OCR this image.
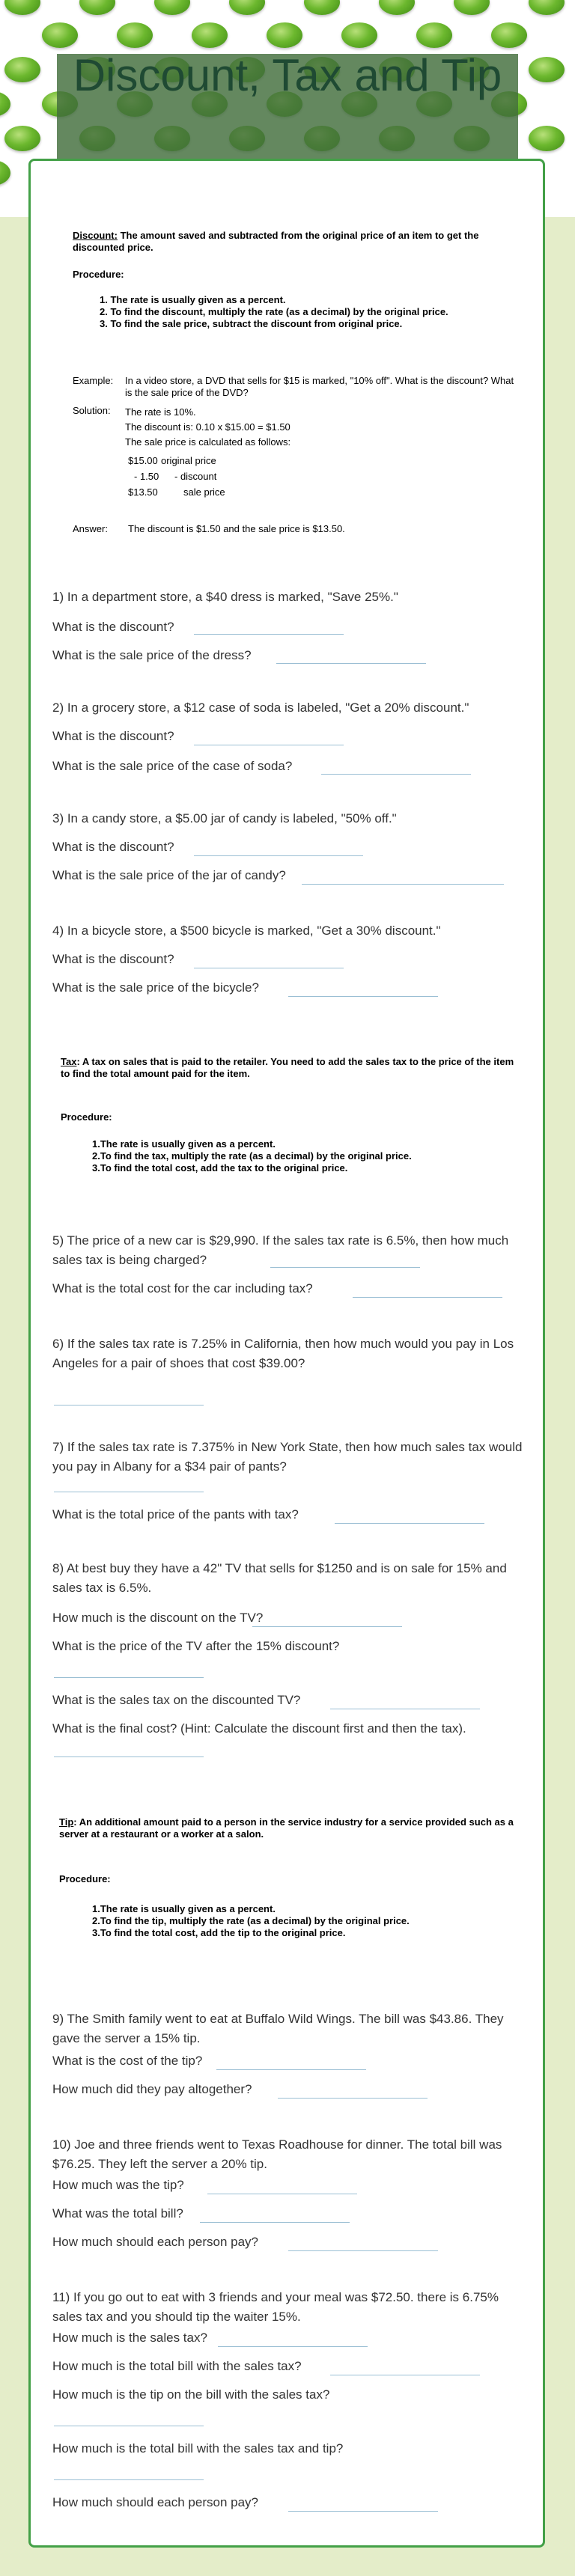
Discount, Tax and Tip
Discount: The amount saved and subtracted from the original price of an item to get the discounted price.
Procedure:
1. The rate is usually given as a percent.
2. To find the discount, multiply the rate (as a decimal) by the original price.
3. To find the sale price, subtract the discount from original price.
Example: In a video store, a DVD that sells for $15 is marked, "10% off". What is the discount? What is the sale price of the DVD?
Solution: The rate is 10%.
The discount is: 0.10 x $15.00 = $1.50
The sale price is calculated as follows:
$15.00 original price
- 1.50 - discount
$13.50	sale price
Answer: The discount is $1.50 and the sale price is $13.50.
1) In a department store, a $40 dress is marked, "Save 25%."
What is the discount?
What is the sale price of the dress?
2) In a grocery store, a $12 case of soda is labeled, "Get a 20% discount."
What is the discount?
What is the sale price of the case of soda?
3) In a candy store, a $5.00 jar of candy is labeled, "50% off."
What is the discount?
What is the sale price of the jar of candy?
4) In a bicycle store, a $500 bicycle is marked, "Get a 30% discount."
What is the discount?
What is the sale price of the bicycle?
Tax: A tax on sales that is paid to the retailer. You need to add the sales tax to the price of the item to find the total amount paid for the item.
Procedure:
1.The rate is usually given as a percent.
2.To find the tax, multiply the rate (as a decimal) by the original price.
3.To find the total cost, add the tax to the original price.
5) The price of a new car is $29,990. If the sales tax rate is 6.5%, then how much sales tax is being charged?
What is the total cost for the car including tax?
6) If the sales tax rate is 7.25% in California, then how much would you pay in Los Angeles for a pair of shoes that cost $39.00?
7) If the sales tax rate is 7.375% in New York State, then how much sales tax would you pay in Albany for a $34 pair of pants?
What is the total price of the pants with tax?
8) At best buy they have a 42" TV that sells for $1250 and is on sale for 15% and sales tax is 6.5%.
How much is the discount on the TV?
What is the price of the TV after the 15% discount?
What is the sales tax on the discounted TV?
What is the final cost? (Hint: Calculate the discount first and then the tax).
Tip: An additional amount paid to a person in the service industry for a service provided such as a server at a restaurant or a worker at a salon.
Procedure:
1.The rate is usually given as a percent.
2.To find the tip, multiply the rate (as a decimal) by the original price.
3.To find the total cost, add the tip to the original price.
9) The Smith family went to eat at Buffalo Wild Wings. The bill was $43.86. They gave the server a 15% tip.
What is the cost of the tip?
How much did they pay altogether?
10) Joe and three friends went to Texas Roadhouse for dinner. The total bill was $76.25. They left the server a 20% tip.
How much was the tip?
What was the total bill?
How much should each person pay?
11) If you go out to eat with 3 friends and your meal was $72.50. there is 6.75% sales tax and you should tip the waiter 15%.
How much is the sales tax?
How much is the total bill with the sales tax?
How much is the tip on the bill with the sales tax?
How much is the total bill with the sales tax and tip?
How much should each person pay?
